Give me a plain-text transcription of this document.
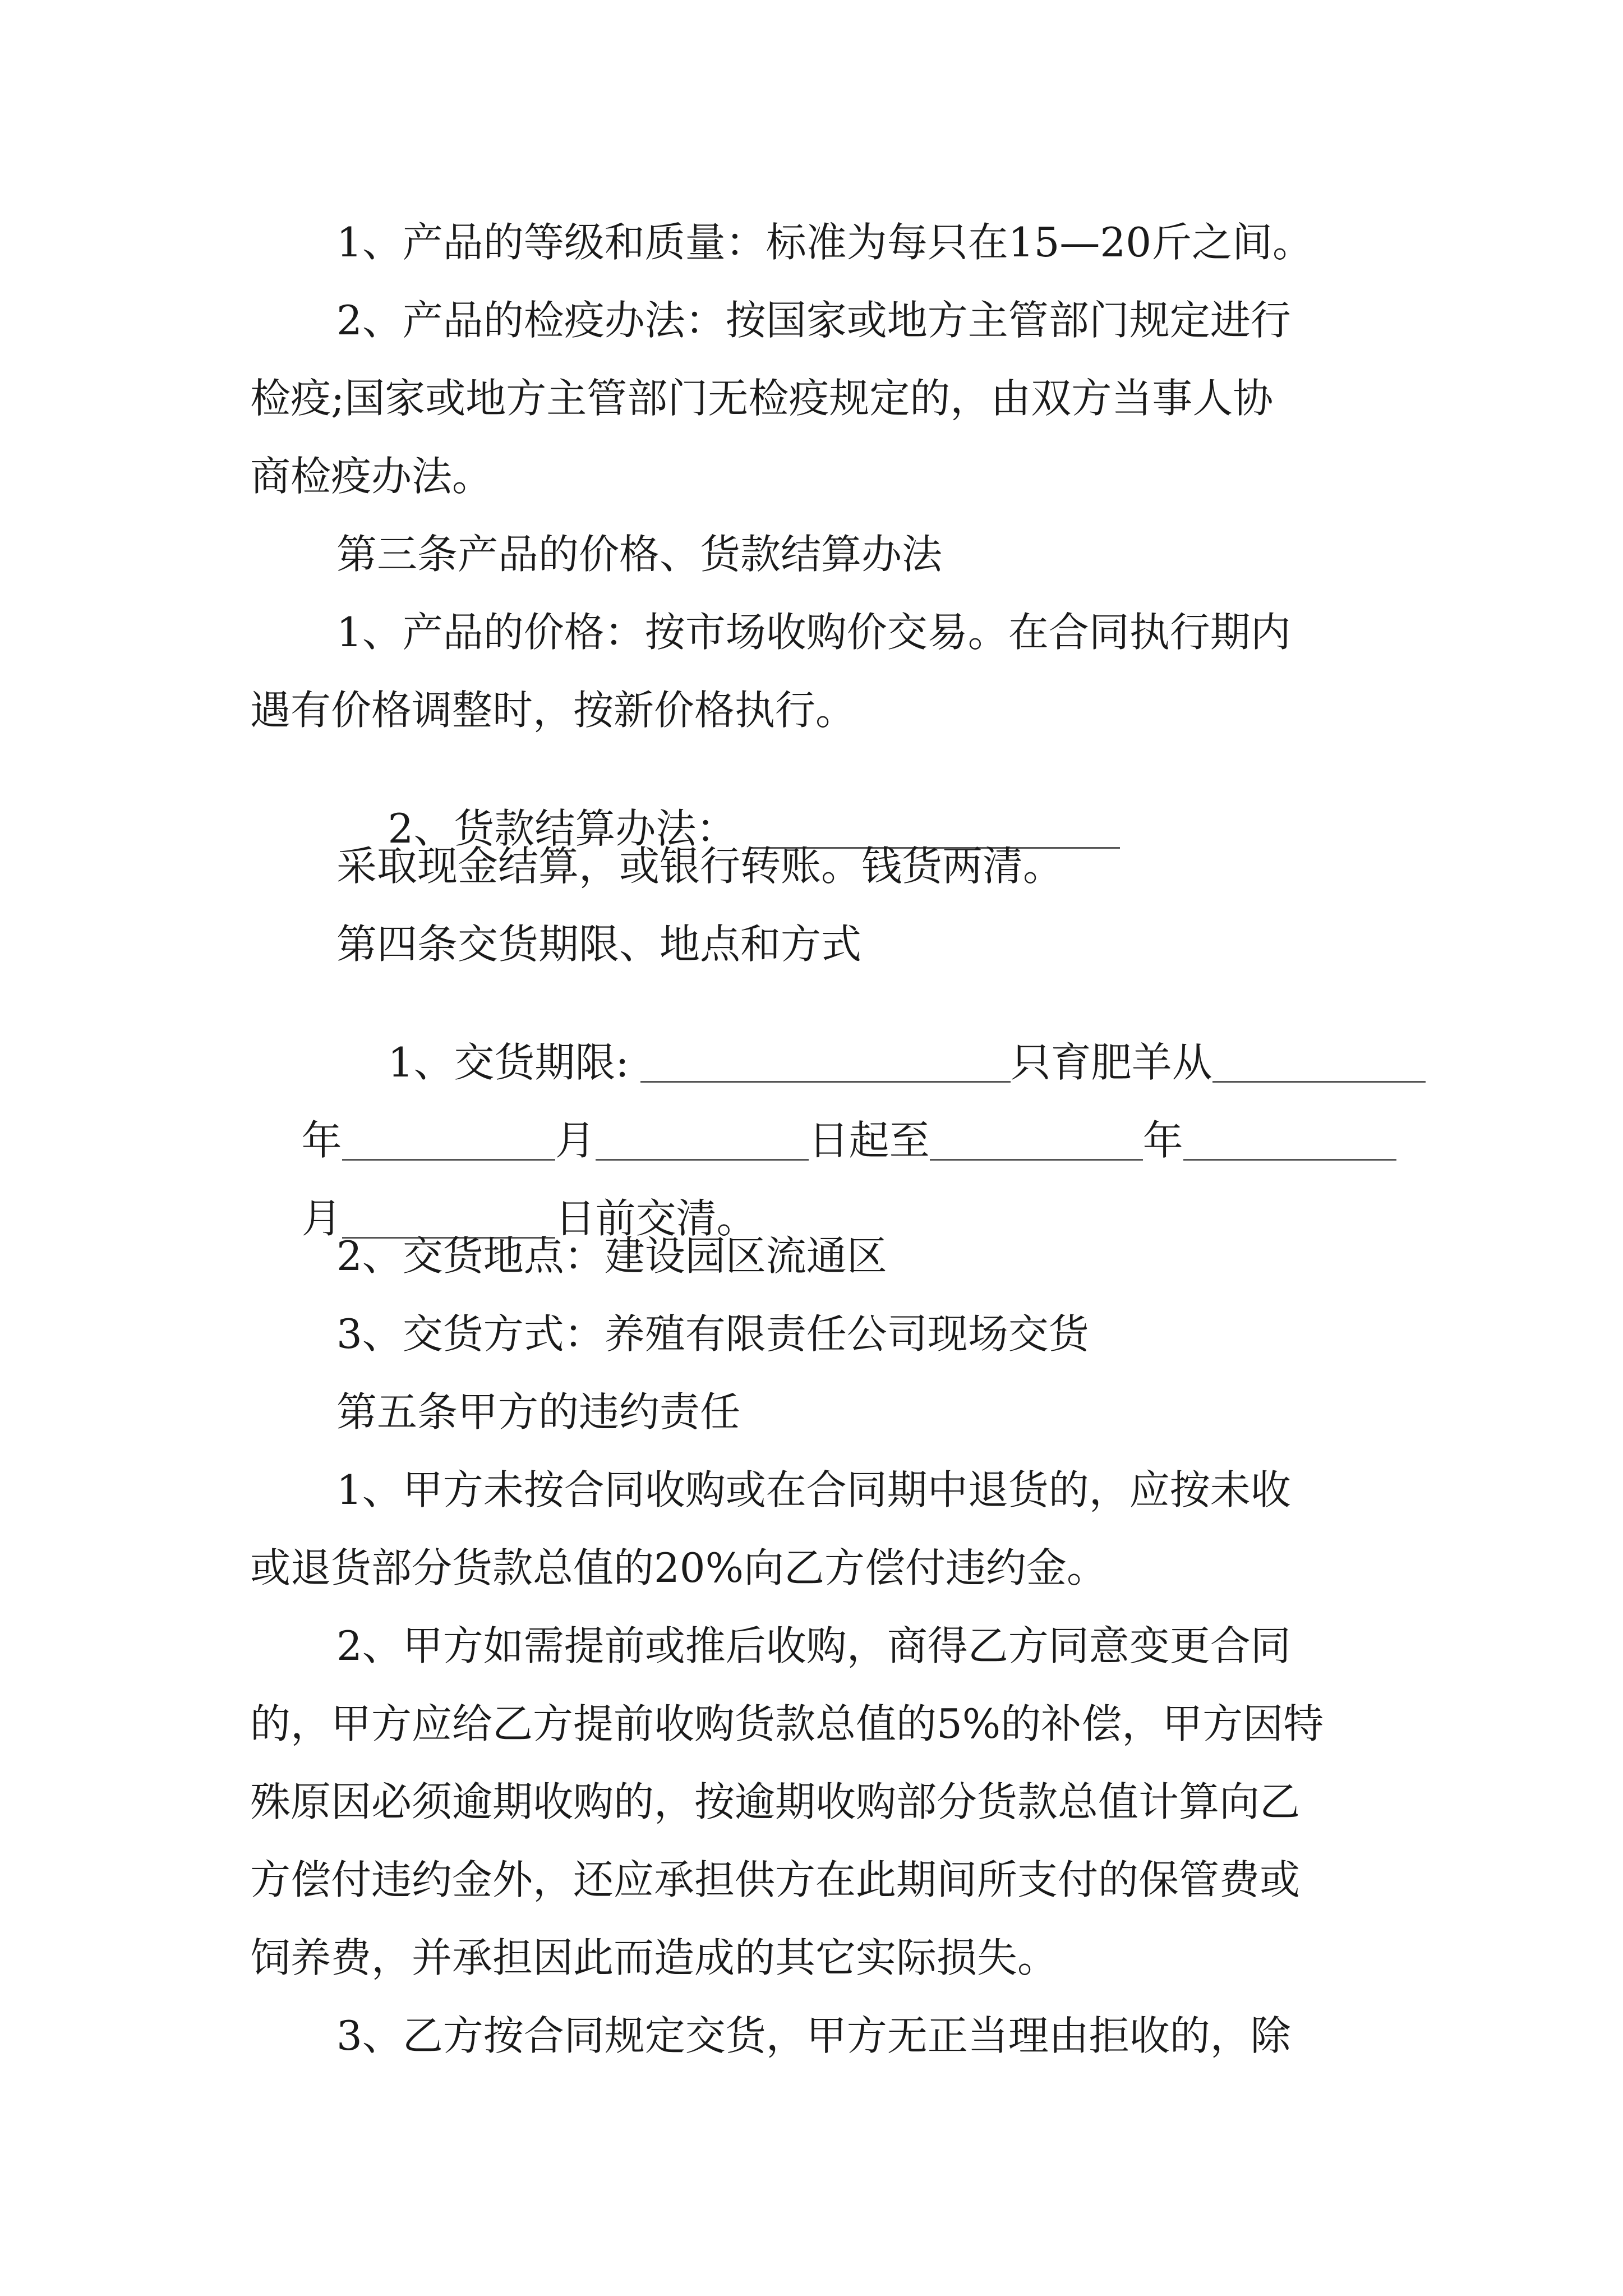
1、产品的等级和质量：标准为每只在15—20斤之间。
2、产品的检疫办法：按国家或地方主管部门规定进行
检疫;国家或地方主管部门无检疫规定的，由双方当事人协
商检疫办法。
第三条产品的价格、货款结算办法
1、产品的价格：按市场收购价交易。在合同执行期内
遇有价格调整时，按新价格执行。

2、货款结算办法：

采取现金结算，或银行转账。钱货两清。
第四条交货期限、地点和方式

1、交货期限:	只育肥羊从

年	月	日起至	年

月	日前交清。

2、交货地点：建设园区流通区
3、交货方式：养殖有限责任公司现场交货
第五条甲方的违约责任
1、甲方未按合同收购或在合同期中退货的，应按未收
或退货部分货款总值的20%向乙方偿付违约金。
2、甲方如需提前或推后收购，商得乙方同意变更合同
的，甲方应给乙方提前收购货款总值的5%的补偿，甲方因特
殊原因必须逾期收购的，按逾期收购部分货款总值计算向乙
方偿付违约金外，还应承担供方在此期间所支付的保管费或
饲养费，并承担因此而造成的其它实际损失。
3、乙方按合同规定交货，甲方无正当理由拒收的，除
